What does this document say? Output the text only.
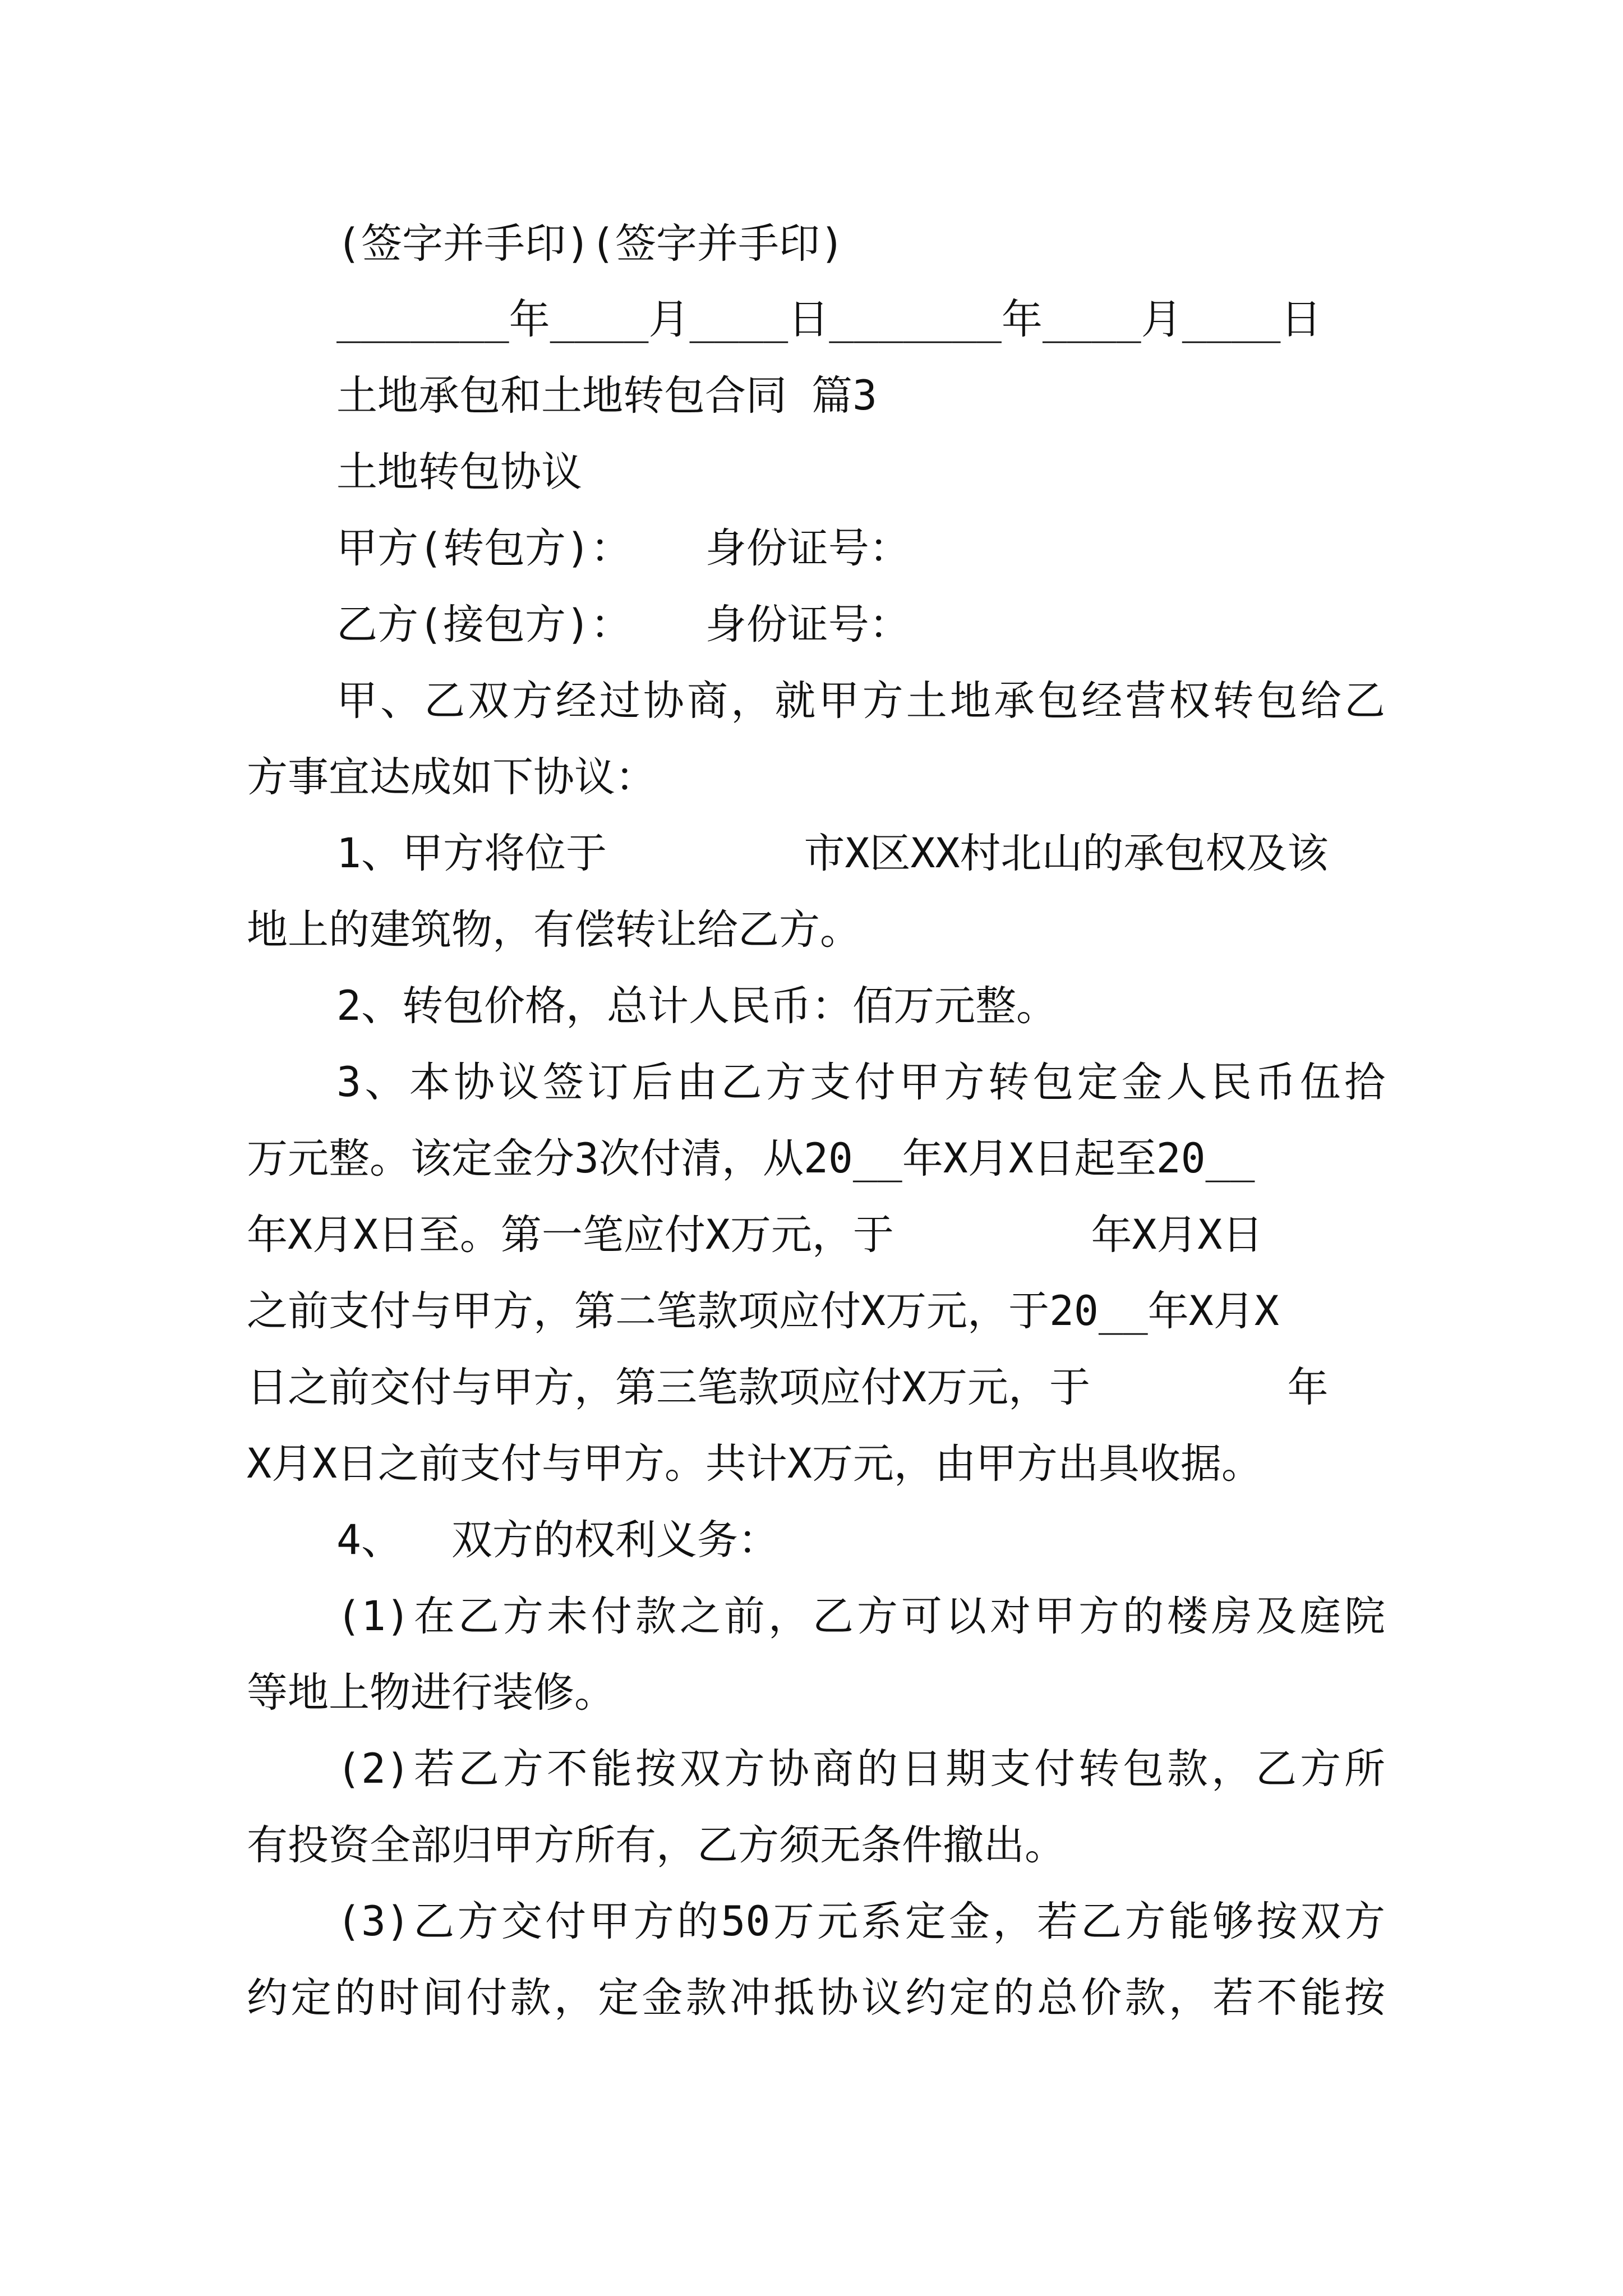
(签字并手印)(签字并手印)
_______年____月____日_______年____月____日
土地承包和土地转包合同 篇3
土地转包协议
甲方(转包方)：   身份证号：
乙方(接包方)：   身份证号：
甲、乙双方经过协商，就甲方土地承包经营权转包给乙
方事宜达成如下协议：
1、甲方将位于        市X区XX村北山的承包权及该
地上的建筑物，有偿转让给乙方。
2、转包价格，总计人民币：佰万元整。
3、本协议签订后由乙方支付甲方转包定金人民币伍拾
万元整。该定金分3次付清，从20__年X月X日起至20__
年X月X日至。第一笔应付X万元，于        年X月X日
之前支付与甲方，第二笔款项应付X万元，于20__年X月X
日之前交付与甲方，第三笔款项应付X万元，于        年
X月X日之前支付与甲方。共计X万元，由甲方出具收据。
4、  双方的权利义务：
(1)在乙方未付款之前，乙方可以对甲方的楼房及庭院
等地上物进行装修。
(2)若乙方不能按双方协商的日期支付转包款，乙方所
有投资全部归甲方所有，乙方须无条件撤出。
(3)乙方交付甲方的50万元系定金，若乙方能够按双方
约定的时间付款，定金款冲抵协议约定的总价款，若不能按
